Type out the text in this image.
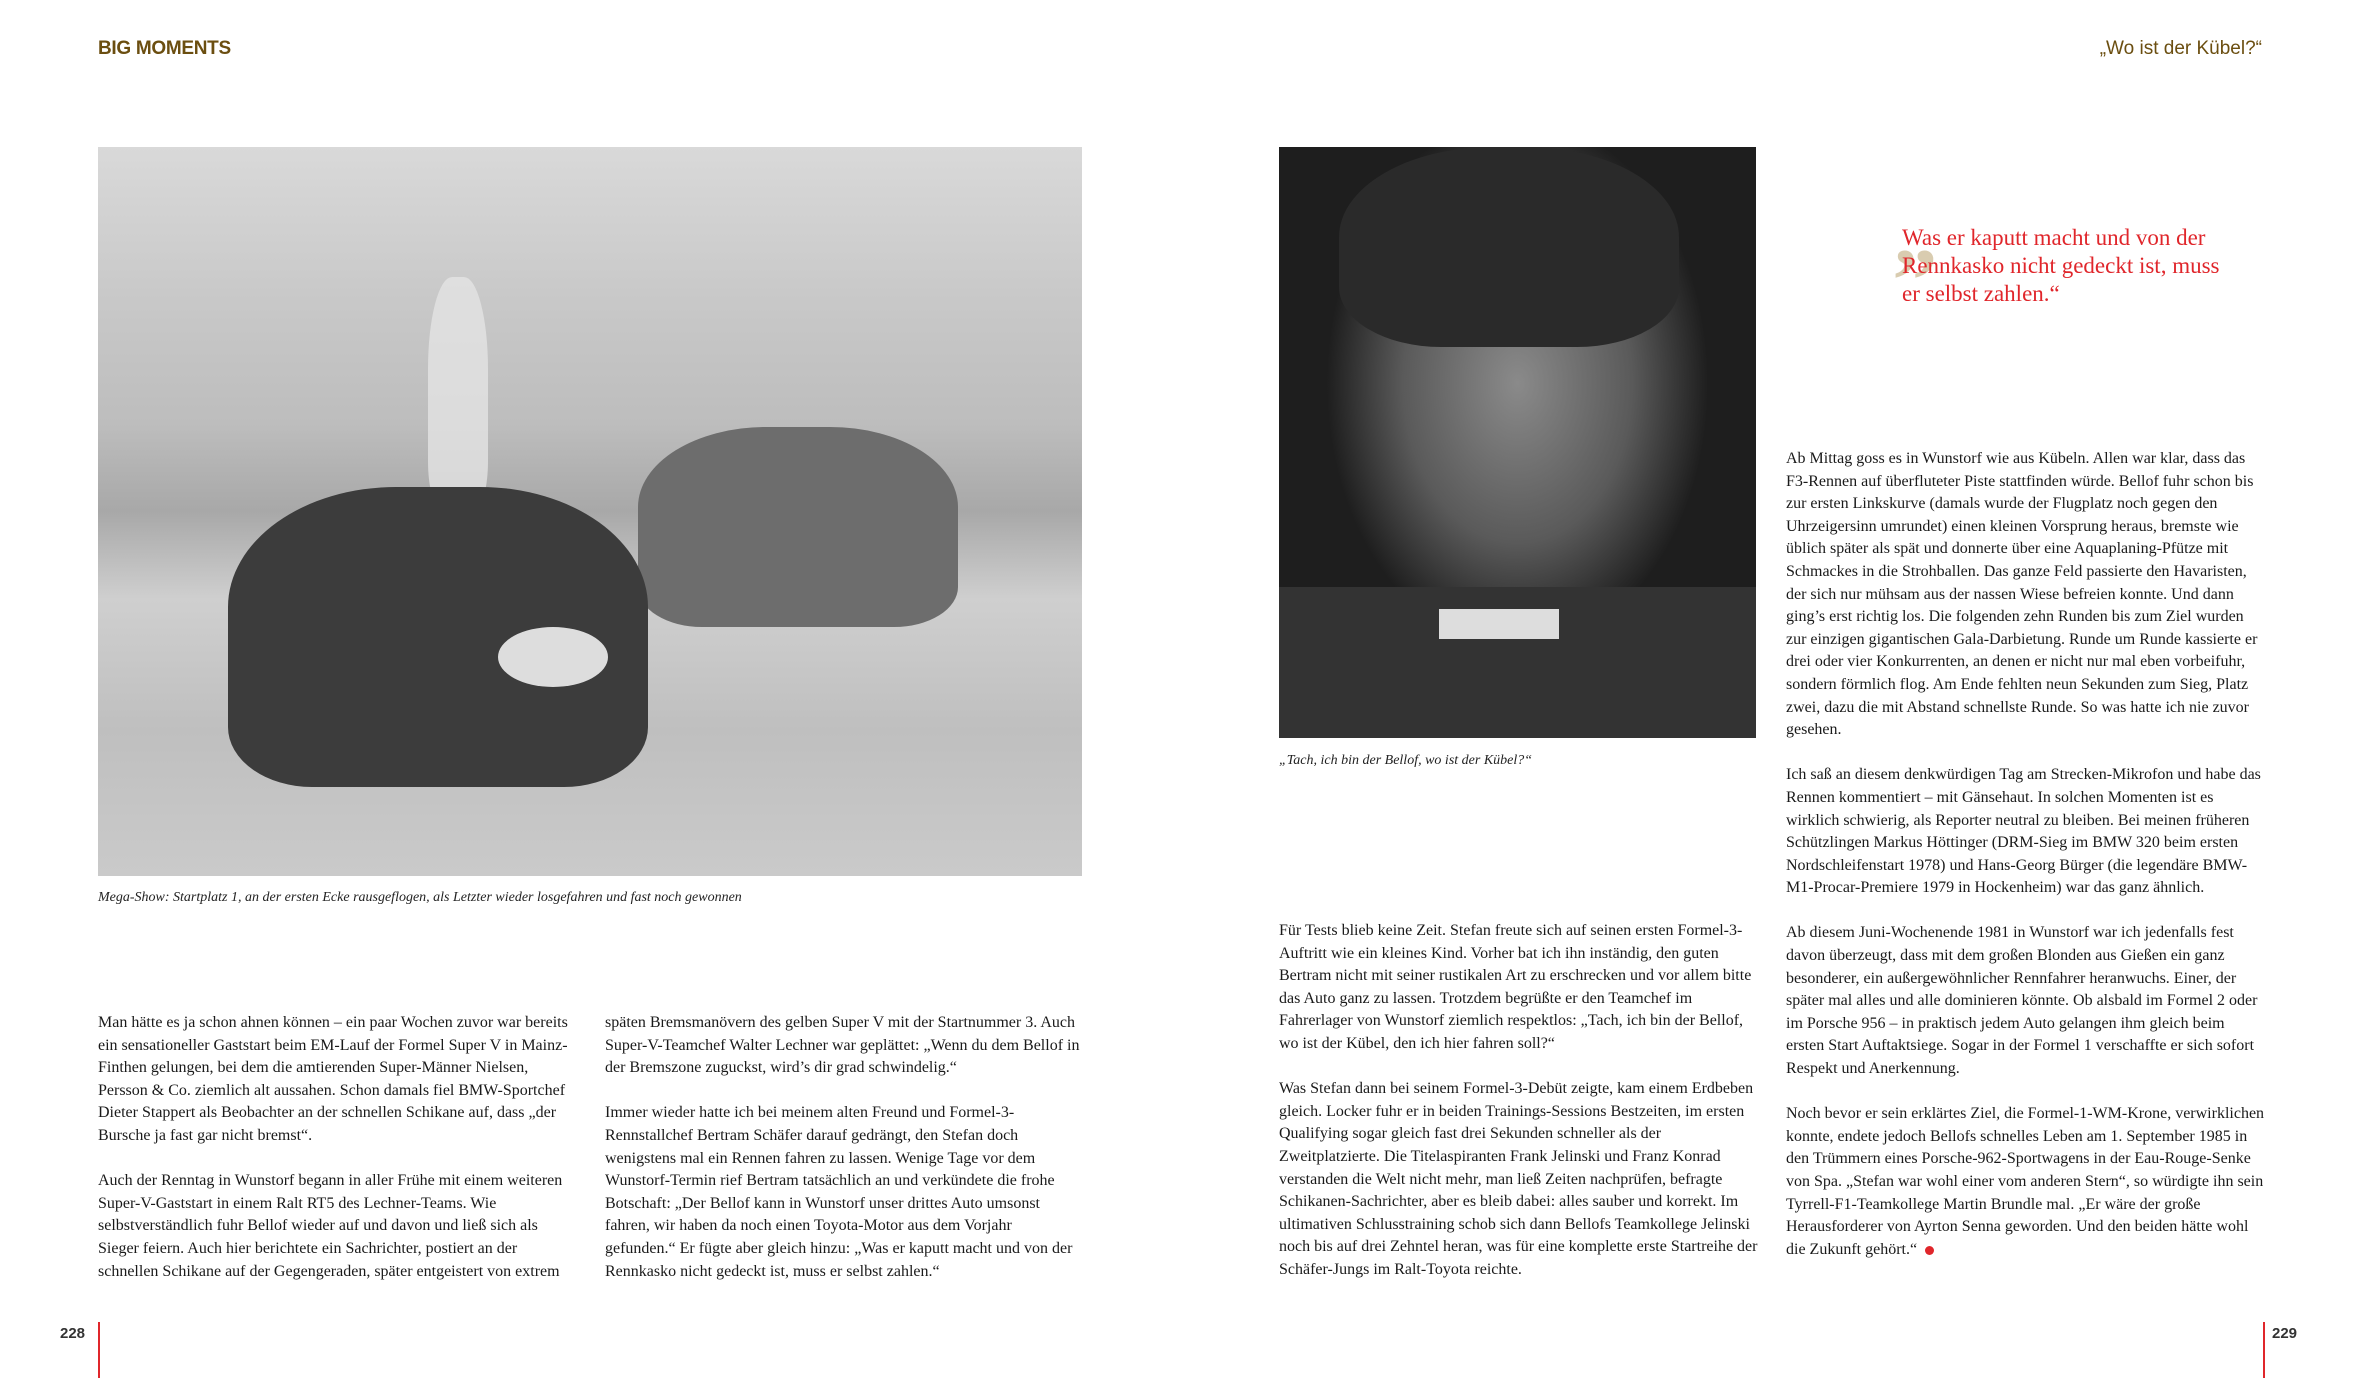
BIG MOMENTS	„Wo ist der Kübel?“
Mega-Show: Startplatz 1, an der ersten Ecke rausgeflogen, als Letzter wieder losgefahren und fast noch gewonnen

Man hätte es ja schon ahnen können – ein paar Wochen zuvor war bereits ein sensationeller Gaststart beim EM-Lauf der Formel Super V in Mainz-Finthen gelungen, bei dem die amtierenden Super-Männer Nielsen, Persson & Co. ziemlich alt aussahen. Schon damals fiel BMW-Sportchef Dieter Stappert als Beobachter an der schnellen Schikane auf, dass „der Bursche ja fast gar nicht bremst“.

Auch der Renntag in Wunstorf begann in aller Frühe mit einem weiteren Super-V-Gaststart in einem Ralt RT5 des Lechner-Teams. Wie selbstverständlich fuhr Bellof wieder auf und davon und ließ sich als Sieger feiern. Auch hier berichtete ein Sachrichter, postiert an der schnellen Schikane auf der Gegengeraden, später entgeistert von extrem

späten Bremsmanövern des gelben Super V mit der Startnummer 3. Auch Super-V-Teamchef Walter Lechner war geplättet: „Wenn du dem Bellof in der Bremszone zuguckst, wird’s dir grad schwindelig.“

Immer wieder hatte ich bei meinem alten Freund und Formel-3-Rennstallchef Bertram Schäfer darauf gedrängt, den Stefan doch wenigstens mal ein Rennen fahren zu lassen. Wenige Tage vor dem Wunstorf-Termin rief Bertram tatsächlich an und verkündete die frohe Botschaft: „Der Bellof kann in Wunstorf unser drittes Auto umsonst fahren, wir haben da noch einen Toyota-Motor aus dem Vorjahr gefunden.“ Er fügte aber gleich hinzu: „Was er kaputt macht und von der Rennkasko nicht gedeckt ist, muss er selbst zahlen.“

„Tach, ich bin der Bellof, wo ist der Kübel?“
„
Was er kaputt macht und von der Rennkasko nicht gedeckt ist, muss er selbst zahlen.“

Für Tests blieb keine Zeit. Stefan freute sich auf seinen ersten Formel-3-Auftritt wie ein kleines Kind. Vorher bat ich ihn inständig, den guten Bertram nicht mit seiner rustikalen Art zu erschrecken und vor allem bitte das Auto ganz zu lassen. Trotzdem begrüßte er den Teamchef im Fahrerlager von Wunstorf ziemlich respektlos: „Tach, ich bin der Bellof, wo ist der Kübel, den ich hier fahren soll?“

Was Stefan dann bei seinem Formel-3-Debüt zeigte, kam einem Erdbeben gleich. Locker fuhr er in beiden Trainings-Sessions Bestzeiten, im ersten Qualifying sogar gleich fast drei Sekunden schneller als der Zweitplatzierte. Die Titelaspiranten Frank Jelinski und Franz Konrad verstanden die Welt nicht mehr, man ließ Zeiten nachprüfen, befragte Schikanen-Sachrichter, aber es bleib dabei: alles sauber und korrekt. Im ultimativen Schlusstraining schob sich dann Bellofs Teamkollege Jelinski noch bis auf drei Zehntel heran, was für eine komplette erste Startreihe der Schäfer-Jungs im Ralt-Toyota reichte.

Ab Mittag goss es in Wunstorf wie aus Kübeln. Allen war klar, dass das F3-Rennen auf überfluteter Piste stattfinden würde. Bellof fuhr schon bis zur ersten Linkskurve (damals wurde der Flugplatz noch gegen den Uhrzeigersinn umrundet) einen kleinen Vorsprung heraus, bremste wie üblich später als spät und donnerte über eine Aquaplaning-Pfütze mit Schmackes in die Strohballen. Das ganze Feld passierte den Havaristen, der sich nur mühsam aus der nassen Wiese befreien konnte. Und dann ging’s erst richtig los. Die folgenden zehn Runden bis zum Ziel wurden zur einzigen gigantischen Gala-Darbietung. Runde um Runde kassierte er drei oder vier Konkurrenten, an denen er nicht nur mal eben vorbeifuhr, sondern förmlich flog. Am Ende fehlten neun Sekunden zum Sieg, Platz zwei, dazu die mit Abstand schnellste Runde. So was hatte ich nie zuvor gesehen.

Ich saß an diesem denkwürdigen Tag am Strecken-Mikrofon und habe das Rennen kommentiert – mit Gänsehaut. In solchen Momenten ist es wirklich schwierig, als Reporter neutral zu bleiben. Bei meinen früheren Schützlingen Markus Höttinger (DRM-Sieg im BMW 320 beim ersten Nordschleifenstart 1978) und Hans-Georg Bürger (die legendäre BMW-M1-Procar-Premiere 1979 in Hockenheim) war das ganz ähnlich.

Ab diesem Juni-Wochenende 1981 in Wunstorf war ich jedenfalls fest davon überzeugt, dass mit dem großen Blonden aus Gießen ein ganz besonderer, ein außergewöhnlicher Rennfahrer heranwuchs. Einer, der später mal alles und alle dominieren könnte. Ob alsbald im Formel 2 oder im Porsche 956 – in praktisch jedem Auto gelangen ihm gleich beim ersten Start Auftaktsiege. Sogar in der Formel 1 verschaffte er sich sofort Respekt und Anerkennung.

Noch bevor er sein erklärtes Ziel, die Formel-1-WM-Krone, verwirklichen konnte, endete jedoch Bellofs schnelles Leben am 1. September 1985 in den Trümmern eines Porsche-962-Sportwagens in der Eau-Rouge-Senke von Spa. „Stefan war wohl einer vom anderen Stern“, so würdigte ihn sein Tyrrell-F1-Teamkollege Martin Brundle mal. „Er wäre der große Herausforderer von Ayrton Senna geworden. Und den beiden hätte wohl die Zukunft gehört.“

228	229
